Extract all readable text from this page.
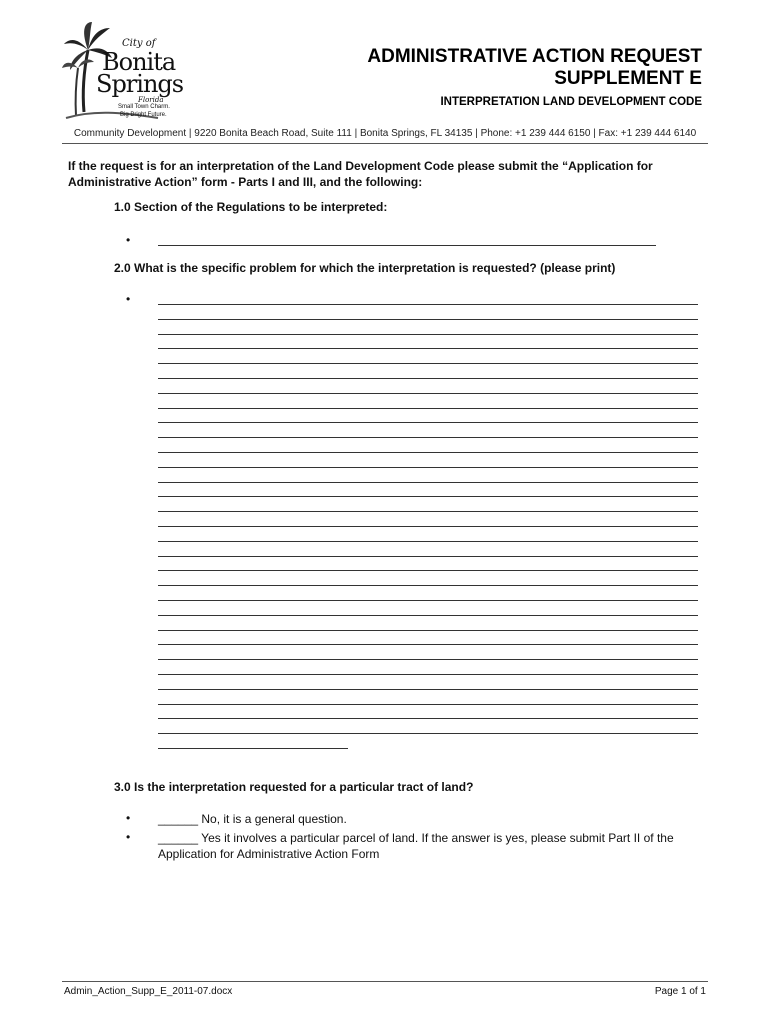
City of
Bonita
Springs
Florida
Small Town Charm.
Big Bright Future.
ADMINISTRATIVE ACTION REQUEST
SUPPLEMENT E
INTERPRETATION LAND DEVELOPMENT CODE
Community Development | 9220 Bonita Beach Road, Suite 111 | Bonita Springs, FL 34135 | Phone: +1 239 444 6150 | Fax: +1 239 444 6140
If the request is for an interpretation of the Land Development Code please submit the “Application for Administrative Action” form - Parts I and III, and the following:
1.0 Section of the Regulations to be interpreted:
•
2.0 What is the specific problem for which the interpretation is requested? (please print)
•
3.0 Is the interpretation requested for a particular tract of land?
• ______ No, it is a general question.
• ______ Yes it involves a particular parcel of land. If the answer is yes, please submit Part II of the Application for Administrative Action Form
Admin_Action_Supp_E_2011-07.docx	Page 1 of 1
